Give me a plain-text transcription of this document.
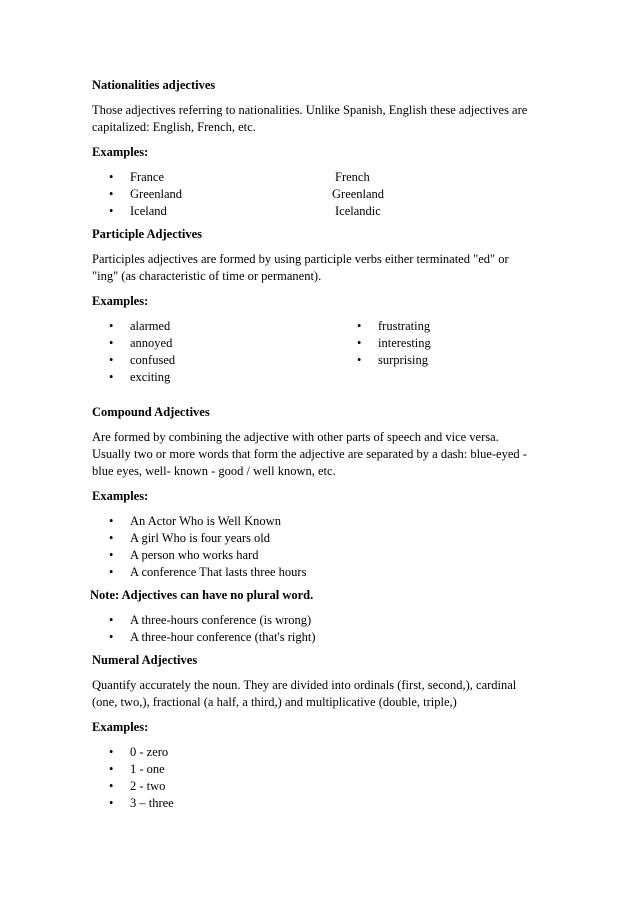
Nationalities adjectives
Those adjectives referring to nationalities. Unlike Spanish, English these adjectives are
capitalized: English, French, etc.
Examples:
• France	French
• Greenland	Greenland
• Iceland	Icelandic
Participle Adjectives
Participles adjectives are formed by using participle verbs either terminated "ed" or
"ing" (as characteristic of time or permanent).
Examples:
• alarmed
• annoyed
• confused
• exciting
• frustrating
• interesting
• surprising
Compound Adjectives
Are formed by combining the adjective with other parts of speech and vice versa.
Usually two or more words that form the adjective are separated by a dash: blue-eyed -
blue eyes, well- known - good / well known, etc.
Examples:
• An Actor Who is Well Known
• A girl Who is four years old
• A person who works hard
• A conference That lasts three hours
Note: Adjectives can have no plural word.
• A three-hours conference (is wrong)
• A three-hour conference (that's right)
Numeral Adjectives
Quantify accurately the noun. They are divided into ordinals (first, second,), cardinal
(one, two,), fractional (a half, a third,) and multiplicative (double, triple,)
Examples:
• 0 - zero
• 1 - one
• 2 - two
• 3 – three
